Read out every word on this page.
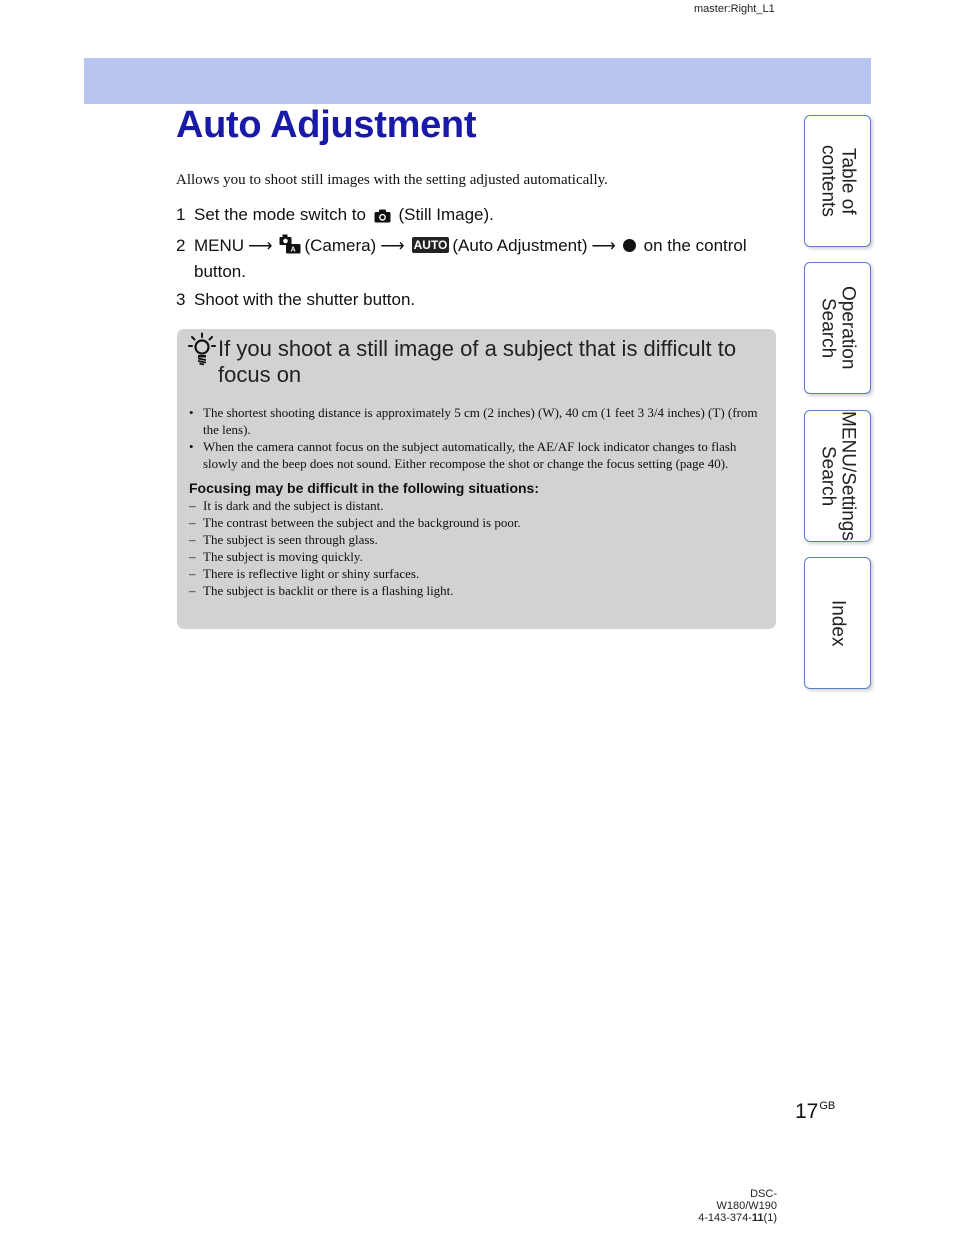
master:Right_L1
Auto Adjustment

Allows you to shoot still images with the setting adjusted automatically.

1 Set the mode switch to (Still Image).
2 MENU ⟶	A (Camera) ⟶ AUTO (Auto Adjustment) ⟶ on the control button.
3 Shoot with the shutter button.
If you shoot a still image of a subject that is difficult to focus on
• The shortest shooting distance is approximately 5 cm (2 inches) (W), 40 cm (1 feet 3 3/4 inches) (T) (from the lens).
• When the camera cannot focus on the subject automatically, the AE/AF lock indicator changes to flash slowly and the beep does not sound. Either recompose the shot or change the focus setting (page 40).
Focusing may be difficult in the following situations:
– It is dark and the subject is distant.
– The contrast between the subject and the background is poor.
– The subject is seen through glass.
– The subject is moving quickly.
– There is reflective light or shiny surfaces.
– The subject is backlit or there is a flashing light.
Table of
contents
Operation
Search
MENU/Settings
Search
Index
$17^{GB}$
DSC-W180/W190
4-143-374-11(1)
